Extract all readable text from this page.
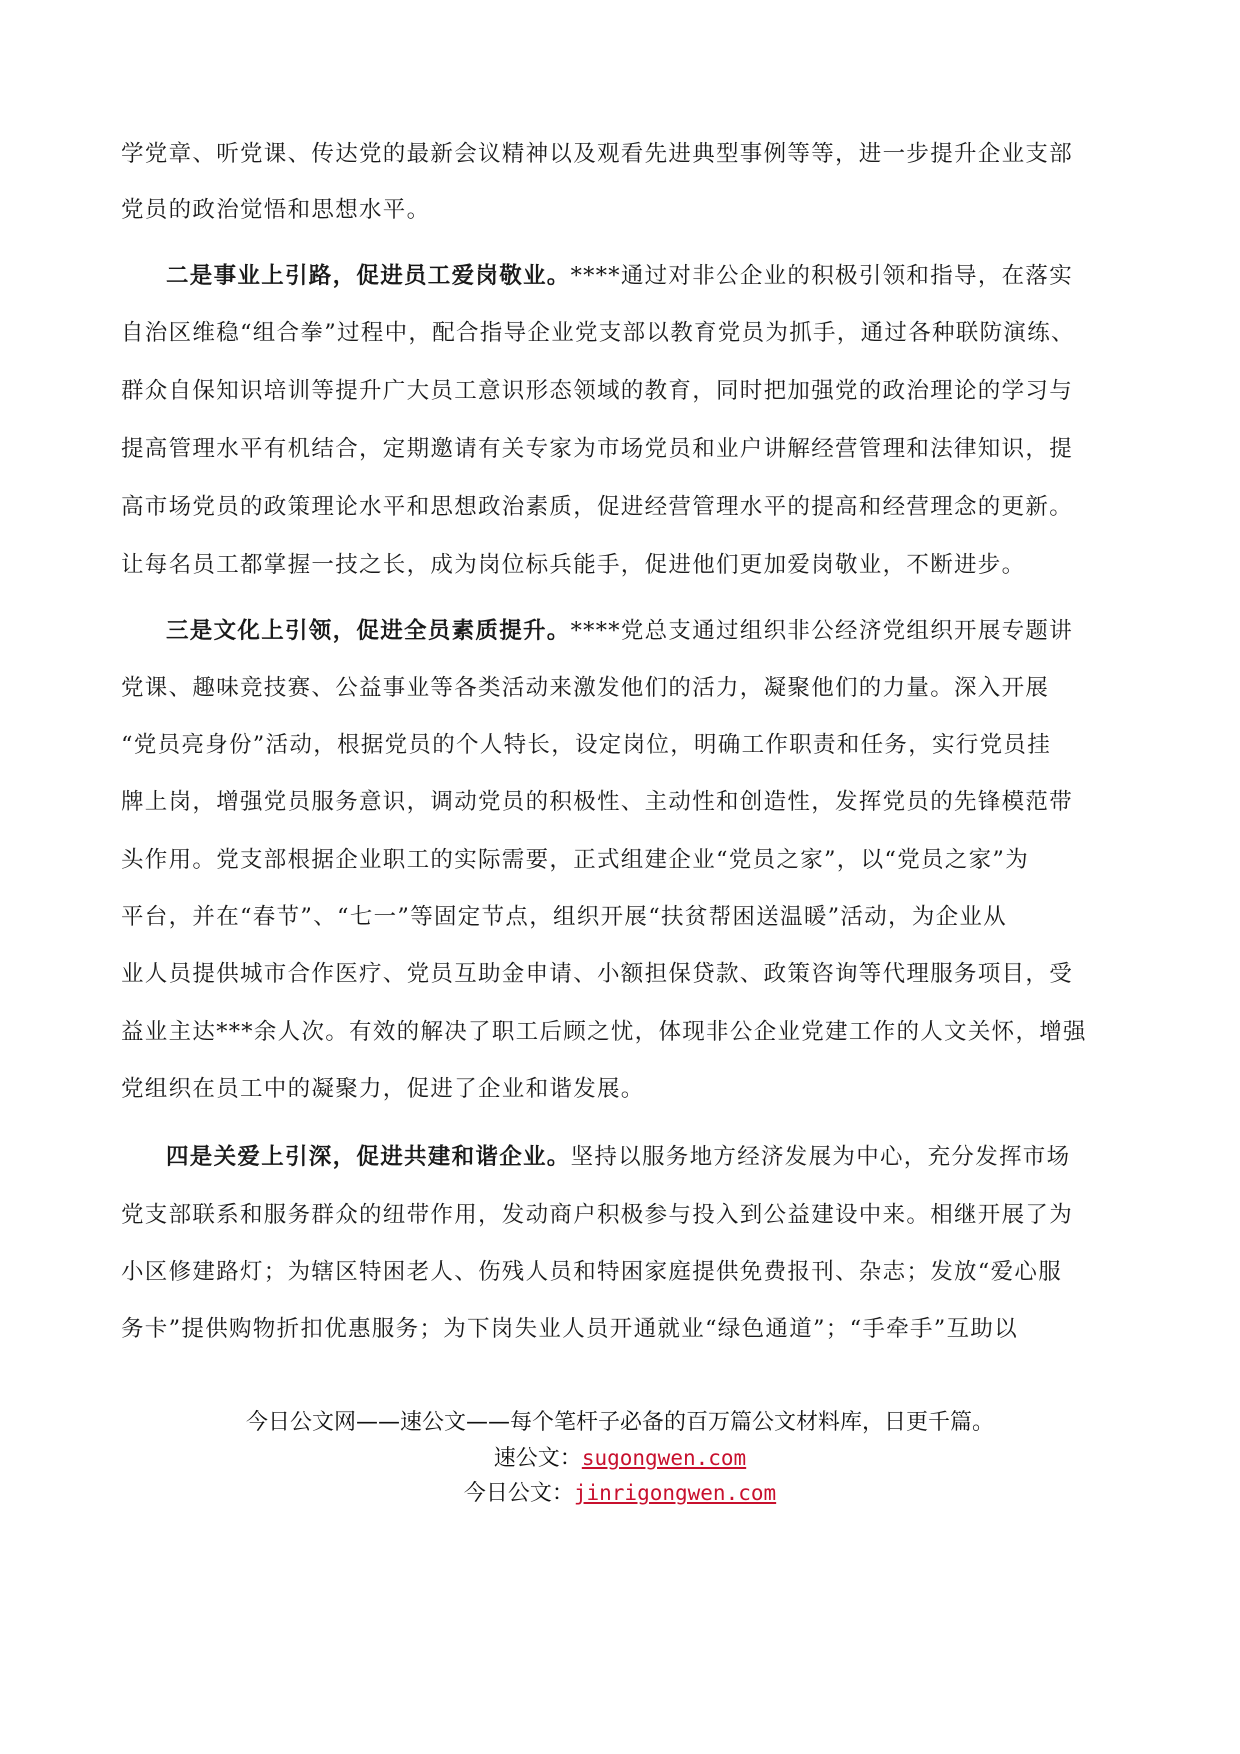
学党章、听党课、传达党的最新会议精神以及观看先进典型事例等等，进一步提升企业支部
党员的政治觉悟和思想水平。
二是事业上引路，促进员工爱岗敬业。****通过对非公企业的积极引领和指导，在落实
自治区维稳“组合拳”过程中，配合指导企业党支部以教育党员为抓手，通过各种联防演练、
群众自保知识培训等提升广大员工意识形态领域的教育，同时把加强党的政治理论的学习与
提高管理水平有机结合，定期邀请有关专家为市场党员和业户讲解经营管理和法律知识，提
高市场党员的政策理论水平和思想政治素质，促进经营管理水平的提高和经营理念的更新。
让每名员工都掌握一技之长，成为岗位标兵能手，促进他们更加爱岗敬业，不断进步。
三是文化上引领，促进全员素质提升。****党总支通过组织非公经济党组织开展专题讲
党课、趣味竞技赛、公益事业等各类活动来激发他们的活力，凝聚他们的力量。深入开展
“党员亮身份”活动，根据党员的个人特长，设定岗位，明确工作职责和任务，实行党员挂
牌上岗，增强党员服务意识，调动党员的积极性、主动性和创造性，发挥党员的先锋模范带
头作用。党支部根据企业职工的实际需要，正式组建企业“党员之家”，以“党员之家”为
平台，并在“春节”、“七一”等固定节点，组织开展“扶贫帮困送温暖”活动，为企业从
业人员提供城市合作医疗、党员互助金申请、小额担保贷款、政策咨询等代理服务项目，受
益业主达***余人次。有效的解决了职工后顾之忧，体现非公企业党建工作的人文关怀，增强
党组织在员工中的凝聚力，促进了企业和谐发展。
四是关爱上引深，促进共建和谐企业。坚持以服务地方经济发展为中心，充分发挥市场
党支部联系和服务群众的纽带作用，发动商户积极参与投入到公益建设中来。相继开展了为
小区修建路灯；为辖区特困老人、伤残人员和特困家庭提供免费报刊、杂志；发放“爱心服
务卡”提供购物折扣优惠服务；为下岗失业人员开通就业“绿色通道”；“手牵手”互助以
今日公文网——速公文——每个笔杆子必备的百万篇公文材料库，日更千篇。
速公文：sugongwen.com
今日公文：jinrigongwen.com
